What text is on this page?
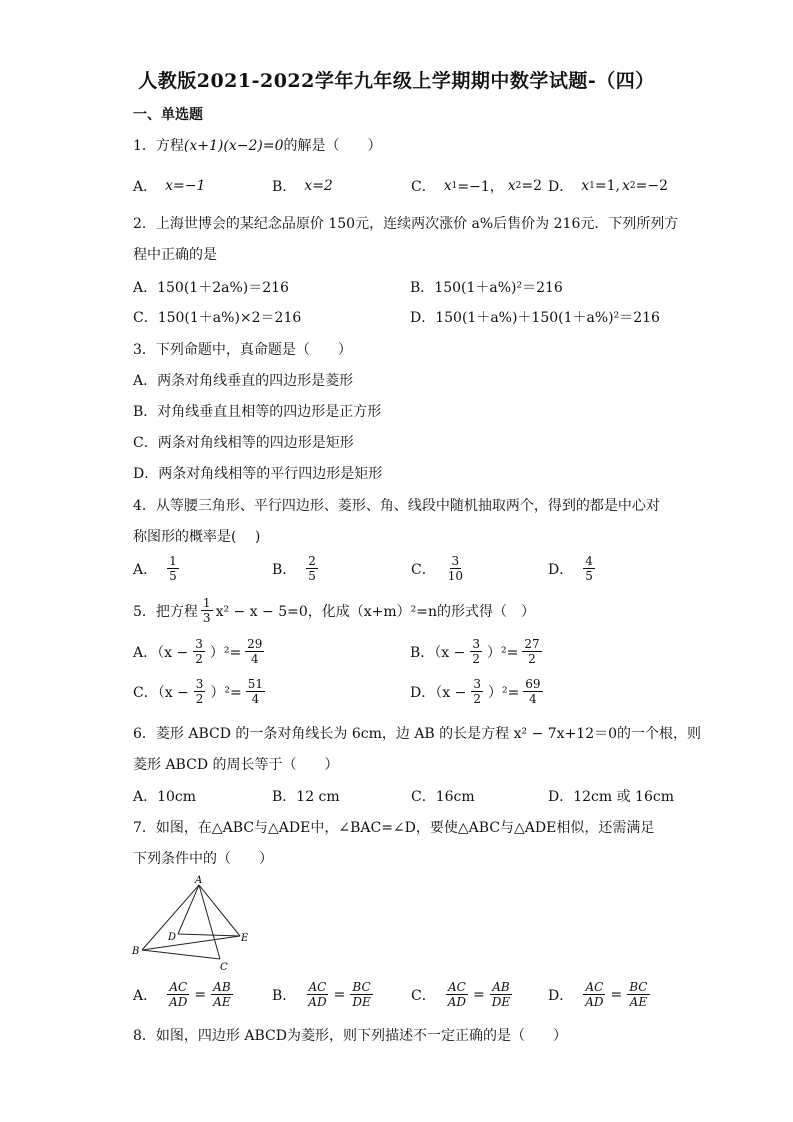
人教版2021-2022学年九年级上学期期中数学试题-（四）
一、单选题
1．方程(x+1)(x−2)=0的解是（　　）
A． x=−1	B． x=2	C． x 1 =−1， x 2 =2 D． x 1 =1, x 2 =−2
2．上海世博会的某纪念品原价 150元，连续两次涨价 a%后售价为 216元．下列所列方
程中正确的是
A．150(1＋2a%)＝216	B．150(1＋a%)²＝216
C．150(1＋a%)×2＝216	D．150(1＋a%)＋150(1＋a%)²＝216
3．下列命题中，真命题是（　　）
A．两条对角线垂直的四边形是菱形
B．对角线垂直且相等的四边形是正方形
C．两条对角线相等的四边形是矩形
D．两条对角线相等的平行四边形是矩形
4．从等腰三角形、平行四边形、菱形、角、线段中随机抽取两个，得到的都是中心对
称图形的概率是(　 )
A． $\frac{1}{5}$	B． $\frac{2}{5}$	C． $\frac{3}{10}$	D． $\frac{4}{5}$
5．把方程 $\frac{1}{3} x^2 - x - 5=0$，化成（x+m）²=n的形式得（　）
A．$(x - \frac{3}{2} )^2= \frac{29}{4}$	B．$(x - \frac{3}{2} )^2= \frac{27}{2}$
C．$(x - \frac{3}{2} )^2= \frac{51}{4}$	D．$(x - \frac{3}{2} )^2= \frac{69}{4}$
6．菱形 ABCD 的一条对角线长为 6cm，边 AB 的长是方程 x² − 7x+12＝0的一个根，则
菱形 ABCD 的周长等于（　　）
A．10cm	B．12 cm	C．16cm	D．12cm 或 16cm
7．如图，在△ABC与△ADE中，∠BAC=∠D，要使△ABC与△ADE相似，还需满足
下列条件中的（　　）
A
B
C
D	E
A． $\frac{AC}{AD} = \frac{AB}{AE}$	B． $\frac{AC}{AD} = \frac{BC}{DE}$	C． $\frac{AC}{AD} = \frac{AB}{DE}$	D． $\frac{AC}{AD} = \frac{BC}{AE}$
8．如图，四边形 ABCD为菱形，则下列描述不一定正确的是（　　）
